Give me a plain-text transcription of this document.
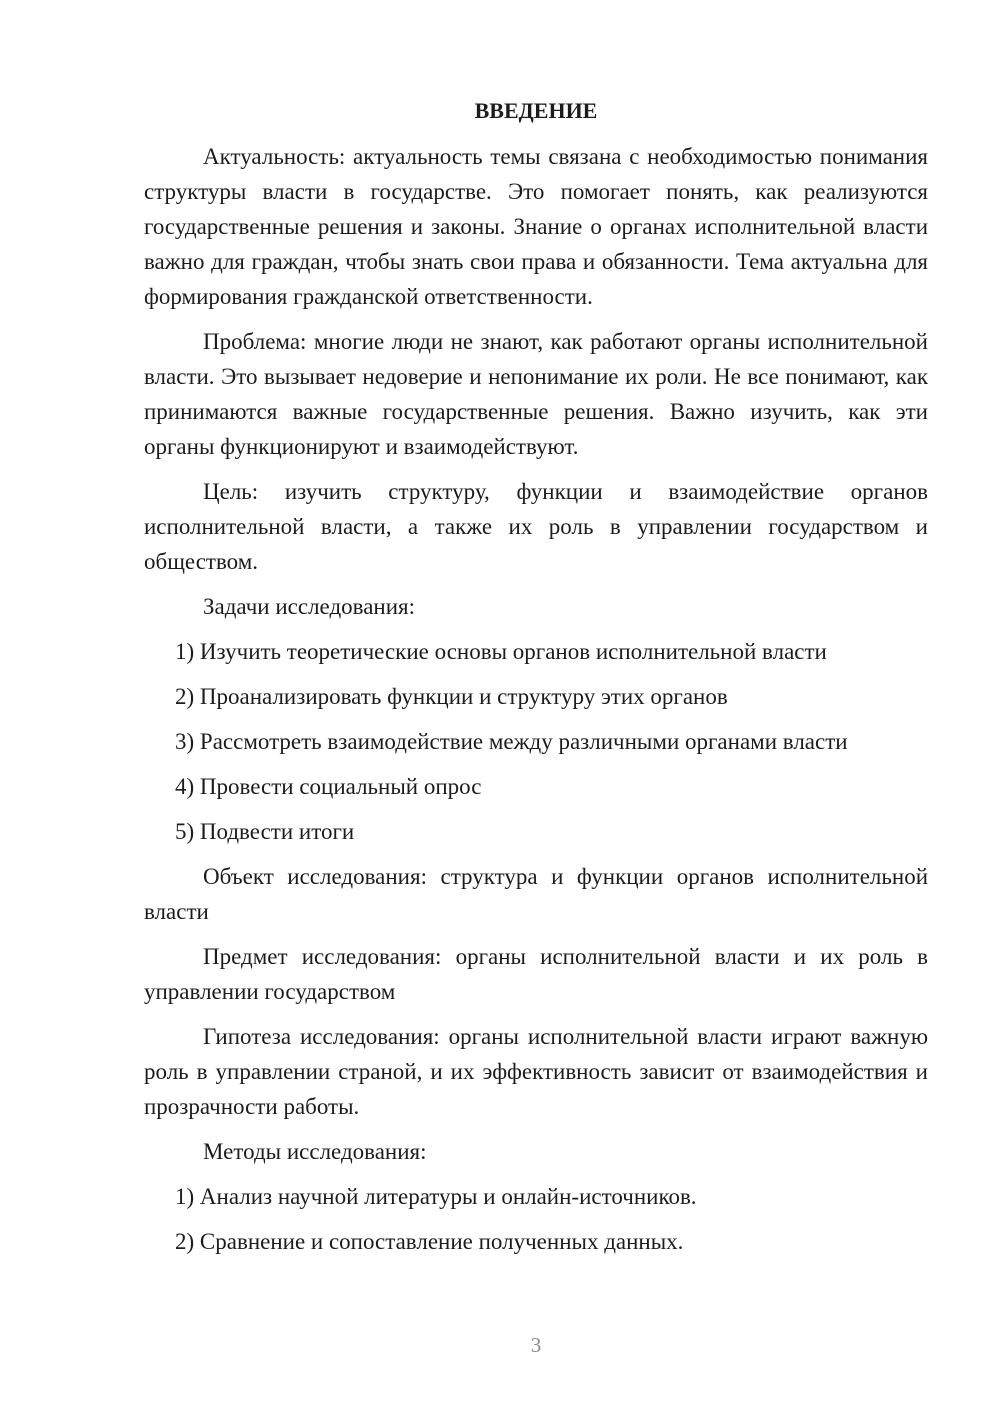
ВВЕДЕНИЕ

Актуальность: актуальность темы связана с необходимостью понимания структуры власти в государстве. Это помогает понять, как реализуются государственные решения и законы. Знание о органах исполнительной власти важно для граждан, чтобы знать свои права и обязанности. Тема актуальна для формирования гражданской ответственности.

Проблема: многие люди не знают, как работают органы исполнительной власти. Это вызывает недоверие и непонимание их роли. Не все понимают, как принимаются важные государственные решения. Важно изучить, как эти органы функционируют и взаимодействуют.

Цель: изучить структуру, функции и взаимодействие органов исполнительной власти, а также их роль в управлении государством и обществом.

Задачи исследования:

1) Изучить теоретические основы органов исполнительной власти

2) Проанализировать функции и структуру этих органов

3) Рассмотреть взаимодействие между различными органами власти

4) Провести социальный опрос

5) Подвести итоги

Объект исследования: структура и функции органов исполнительной власти

Предмет исследования: органы исполнительной власти и их роль в управлении государством

Гипотеза исследования: органы исполнительной власти играют важную роль в управлении страной, и их эффективность зависит от взаимодействия и прозрачности работы.

Методы исследования:

1) Анализ научной литературы и онлайн-источников.

2) Сравнение и сопоставление полученных данных.

3
